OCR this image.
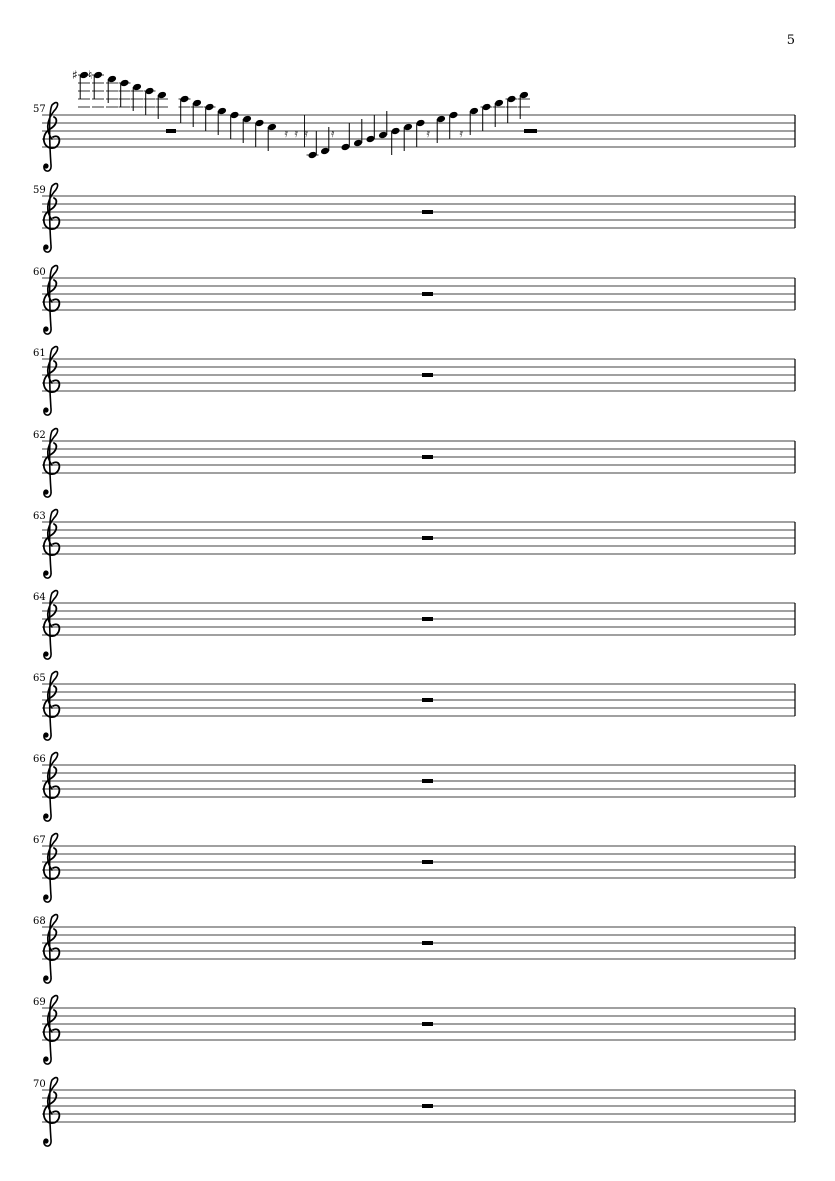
5
57
♯ ♮
𝄿 𝄿 𝄿 𝄿	𝄿	𝄿
59
60
61
62
63
64
65
66
67
68
69
70
